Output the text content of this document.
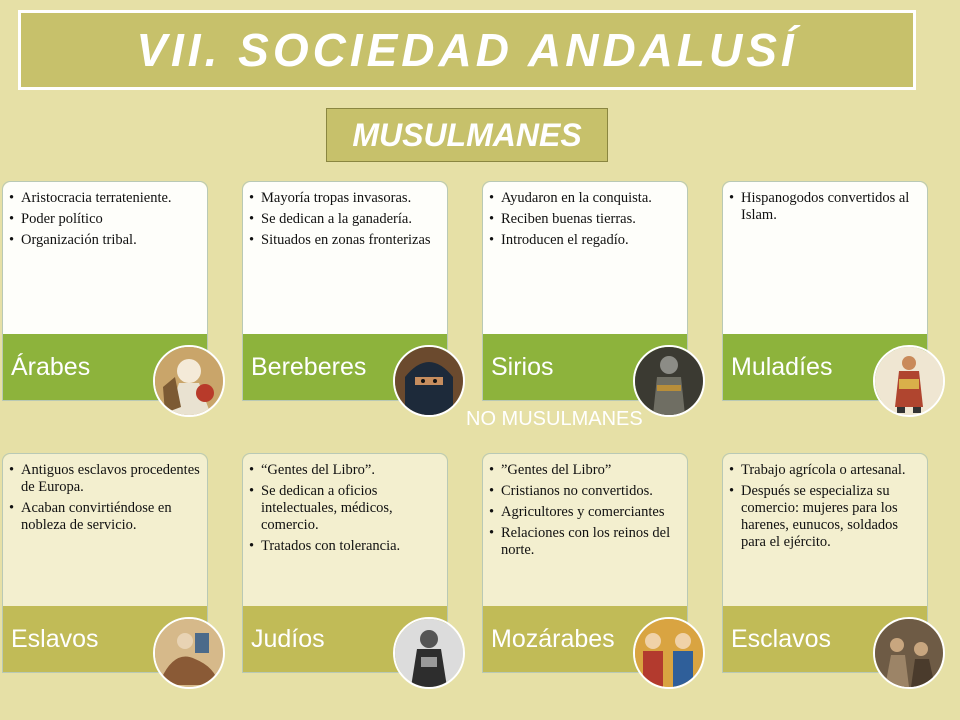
VII. SOCIEDAD ANDALUSÍ
MUSULMANES
• Aristocracia terrateniente.
• Poder político
• Organización tribal.
Árabes
• Mayoría tropas invasoras.
• Se dedican a la ganadería.
• Situados en zonas fronterizas
Bereberes
• Ayudaron en la conquista.
• Reciben buenas tierras.
• Introducen el regadío.
Sirios
• Hispanogodos convertidos al Islam.
Muladíes
NO MUSULMANES
• Antiguos esclavos procedentes de Europa.
• Acaban convirtiéndose en nobleza de servicio.
Eslavos
• “Gentes del Libro”.
• Se dedican a oficios intelectuales, médicos, comercio.
• Tratados con tolerancia.
Judíos
• ”Gentes del Libro”
• Cristianos no convertidos.
• Agricultores y comerciantes
• Relaciones con los reinos del norte.
Mozárabes
• Trabajo agrícola o artesanal.
• Después se especializa su comercio: mujeres para los harenes, eunucos, soldados para el ejército.
Esclavos
